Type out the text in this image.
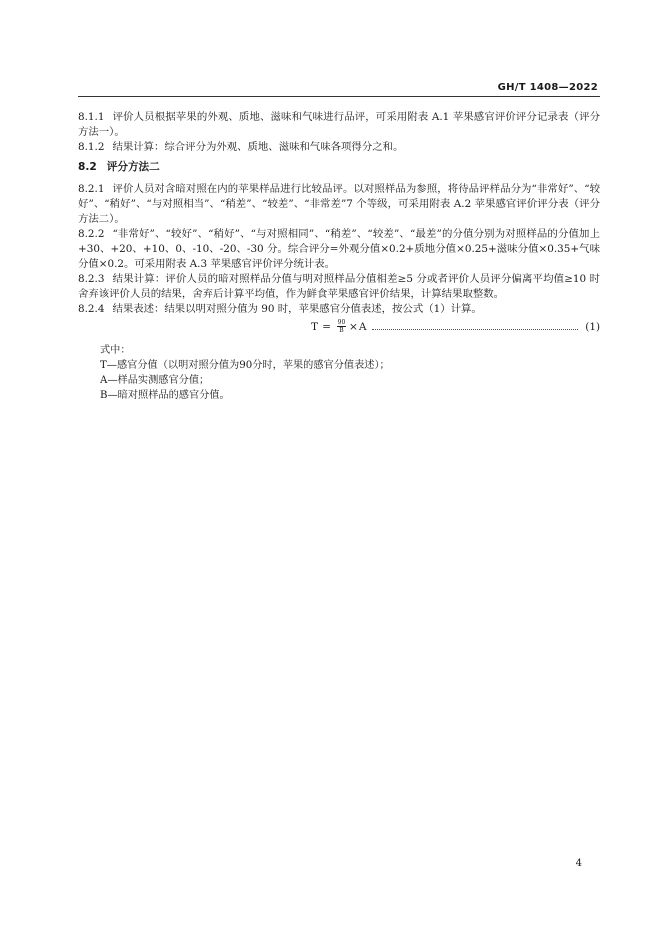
GH/T 1408—2022

8.1.1 评价人员根据苹果的外观、质地、滋味和气味进行品评，可采用附表 A.1 苹果感官评价评分记录表（评分方法一）。

8.1.2 结果计算：综合评分为外观、质地、滋味和气味各项得分之和。

8.2 评分方法二

8.2.1 评价人员对含暗对照在内的苹果样品进行比较品评。以对照样品为参照，将待品评样品分为“非常好”、“较好”、“稍好”、“与对照相当”、“稍差”、“较差”、“非常差”7 个等级，可采用附表 A.2 苹果感官评价评分表（评分方法二）。

8.2.2 “非常好”、“较好”、“稍好”、“与对照相同”、“稍差”、“较差”、“最差”的分值分别为对照样品的分值加上+30、+20、+10、0、-10、-20、-30 分。综合评分=外观分值×0.2+质地分值×0.25+滋味分值×0.35+气味分值×0.2。可采用附表 A.3 苹果感官评价评分统计表。

8.2.3 结果计算：评价人员的暗对照样品分值与明对照样品分值相差≥5 分或者评价人员评分偏离平均值≥10 时舍弃该评价人员的结果，舍弃后计算平均值，作为鲜食苹果感官评价结果，计算结果取整数。

8.2.4 结果表述：结果以明对照分值为 90 时，苹果感官分值表述，按公式（1）计算。

$T = \frac{90}{B} \times A$	(1)
式中：
T—感官分值（以明对照分值为90分时，苹果的感官分值表述）；
A—样品实测感官分值；
B—暗对照样品的感官分值。
4
